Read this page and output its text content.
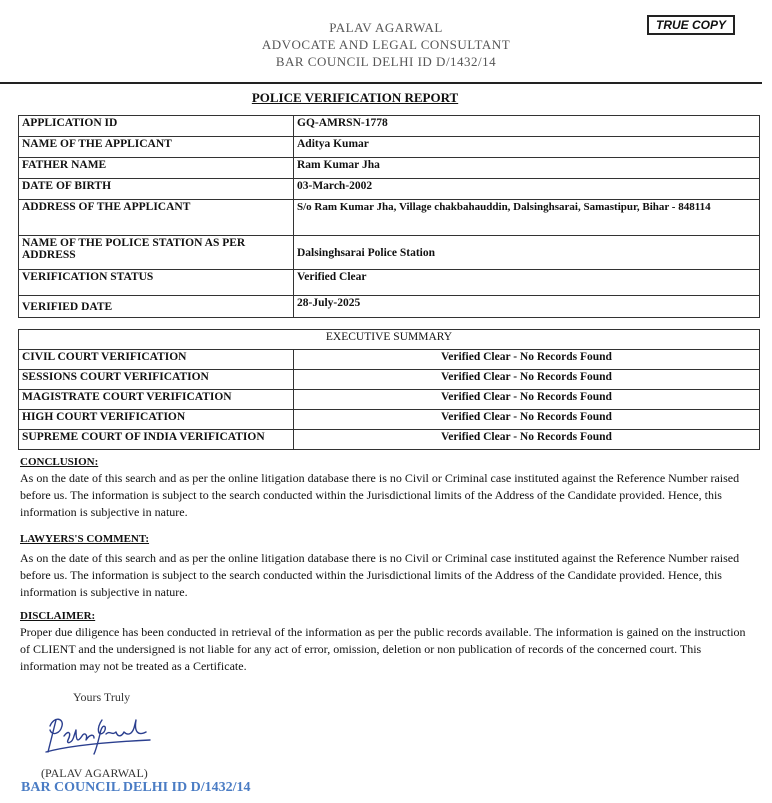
PALAV AGARWAL
ADVOCATE AND LEGAL CONSULTANT
BAR COUNCIL DELHI ID D/1432/14
TRUE COPY
POLICE VERIFICATION REPORT
APPLICATION ID	GQ-AMRSN-1778
NAME OF THE APPLICANT	Aditya Kumar
FATHER NAME	Ram Kumar Jha
DATE OF BIRTH	03-March-2002
ADDRESS OF THE APPLICANT	S/o Ram Kumar Jha, Village chakbahauddin, Dalsinghsarai, Samastipur, Bihar - 848114
NAME OF THE POLICE STATION AS PER ADDRESS	Dalsinghsarai Police Station
VERIFICATION STATUS	Verified Clear
VERIFIED DATE	28-July-2025
EXECUTIVE SUMMARY	
CIVIL COURT VERIFICATION	Verified Clear - No Records Found
SESSIONS COURT VERIFICATION	Verified Clear - No Records Found
MAGISTRATE COURT VERIFICATION	Verified Clear - No Records Found
HIGH COURT VERIFICATION	Verified Clear - No Records Found
SUPREME COURT OF INDIA VERIFICATION	Verified Clear - No Records Found
CONCLUSION:

As on the date of this search and as per the online litigation database there is no Civil or Criminal case instituted against the Reference Number raised before us. The information is subject to the search conducted within the Jurisdictional limits of the Address of the Candidate provided. Hence, this information is subjective in nature.

LAWYERS'S COMMENT:

As on the date of this search and as per the online litigation database there is no Civil or Criminal case instituted against the Reference Number raised before us. The information is subject to the search conducted within the Jurisdictional limits of the Address of the Candidate provided. Hence, this information is subjective in nature.

DISCLAIMER:

Proper due diligence has been conducted in retrieval of the information as per the public records available. The information is gained on the instruction of CLIENT and the undersigned is not liable for any act of error, omission, deletion or non publication of records of the concerned court. This information may not be treated as a Certificate.

Yours Truly
(PALAV AGARWAL)
BAR COUNCIL DELHI ID D/1432/14
